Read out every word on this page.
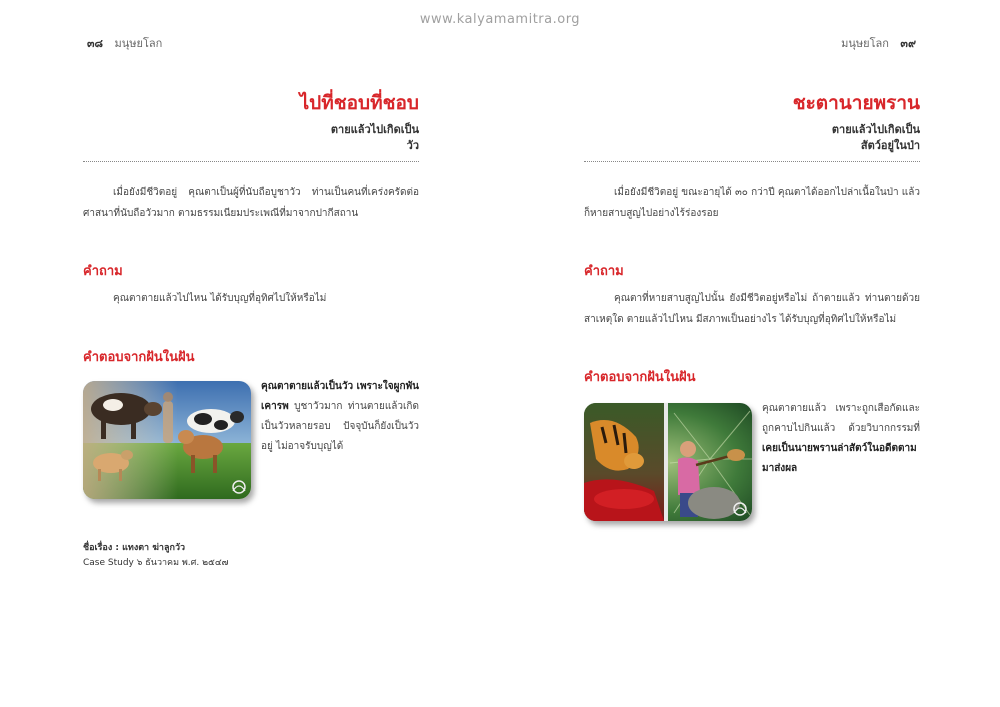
www.kalyamamitra.org
๓๘ มนุษยโลก
ไปที่ชอบที่ชอบ
ตายแล้วไปเกิดเป็น
วัว
เมื่อยังมีชีวิตอยู่ คุณตาเป็นผู้ที่นับถือบูชาวัว ท่านเป็นคนที่เคร่งครัดต่อศาสนาที่นับถือวัวมาก ตามธรรมเนียมประเพณีที่มาจากปากีสถาน
คำถาม
คุณตาตายแล้วไปไหน ได้รับบุญที่อุทิศไปให้หรือไม่
คำตอบจากฝันในฝัน
คุณตาตายแล้วเป็นวัว เพราะใจผูกพัน เคารพ บูชาวัวมาก ท่านตายแล้วเกิดเป็นวัวหลายรอบ ปัจจุบันก็ยังเป็นวัวอยู่ ไม่อาจรับบุญได้
ชื่อเรื่อง : แทงตา ฆ่าลูกวัว
Case Study ๖ ธันวาคม พ.ศ. ๒๕๔๗
มนุษยโลก ๓๙
ชะตานายพราน
ตายแล้วไปเกิดเป็น
สัตว์อยู่ในป่า
เมื่อยังมีชีวิตอยู่ ขณะอายุได้ ๓๐ กว่าปี คุณตาได้ออกไปล่าเนื้อในป่า แล้วก็หายสาบสูญไปอย่างไร้ร่องรอย
คำถาม
คุณตาที่หายสาบสูญไปนั้น ยังมีชีวิตอยู่หรือไม่ ถ้าตายแล้ว ท่านตายด้วยสาเหตุใด ตายแล้วไปไหน มีสภาพเป็นอย่างไร ได้รับบุญที่อุทิศไปให้หรือไม่
คำตอบจากฝันในฝัน
คุณตาตายแล้ว เพราะถูกเสือกัดและถูกคาบไปกินแล้ว ด้วยวิบากกรรมที่เคยเป็นนายพรานล่าสัตว์ในอดีตตามมาส่งผล
